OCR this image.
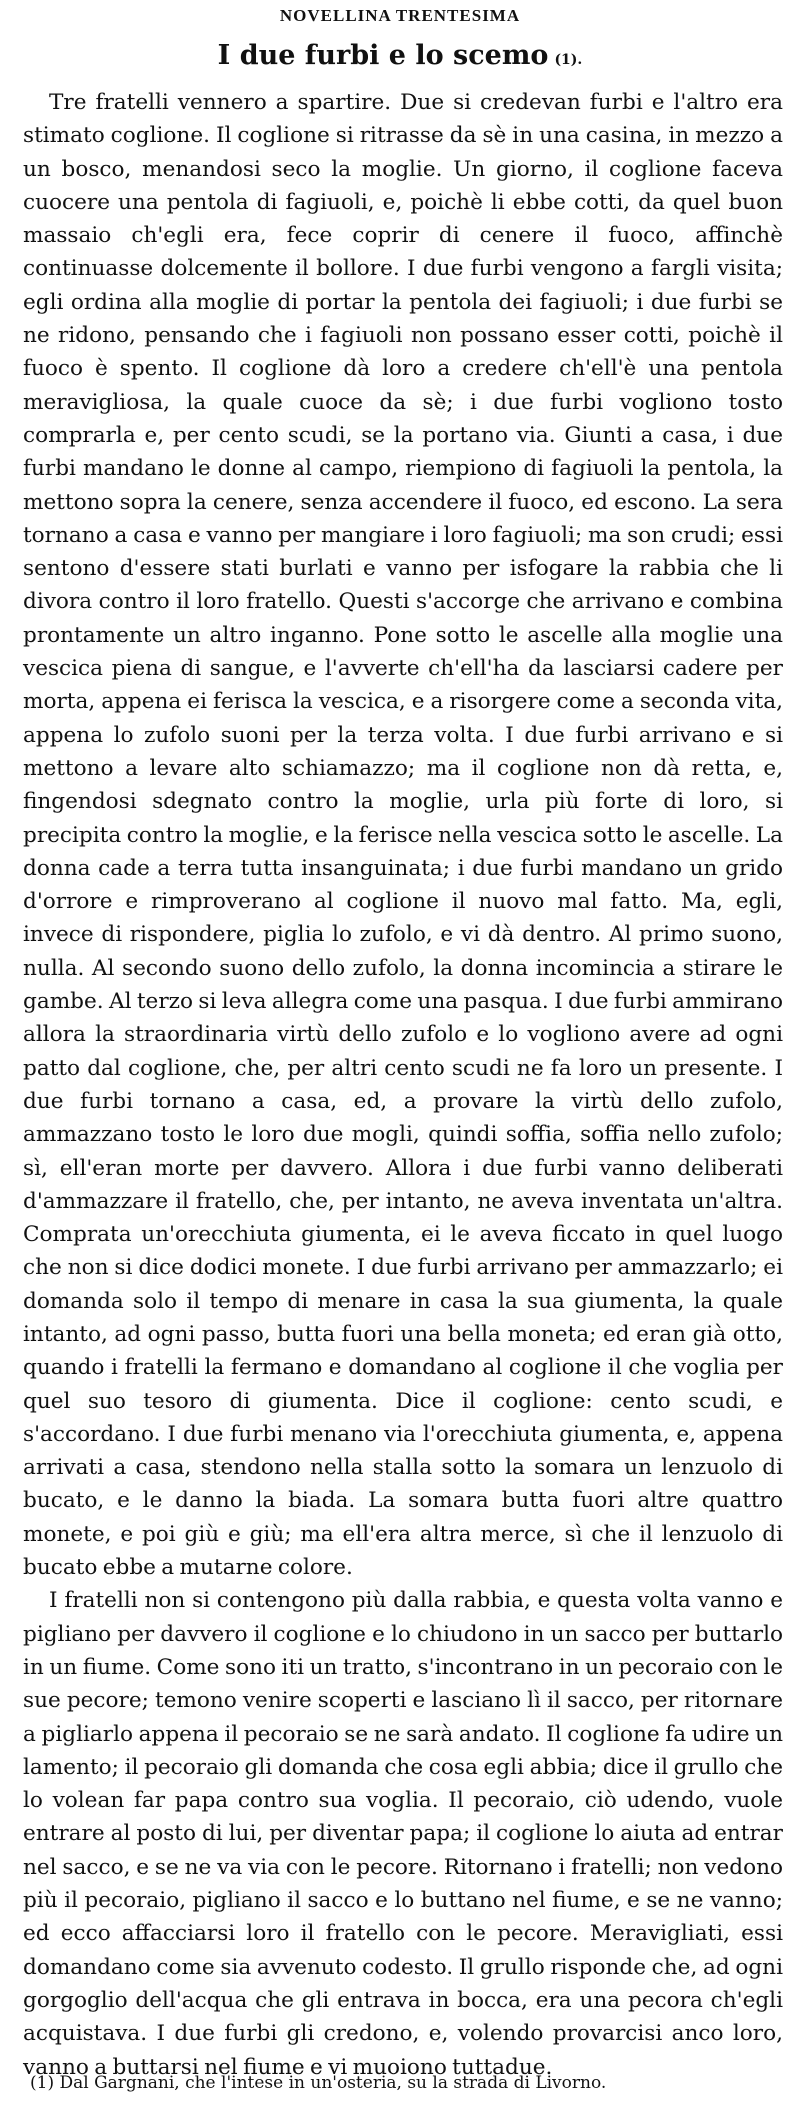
NOVELLINA TRENTESIMA
I due furbi e lo scemo (1).

Tre fratelli vennero a spartire. Due si credevan furbi e l'altro era stimato coglione. Il coglione si ritrasse da sè in una casina, in mezzo a un bosco, menandosi seco la moglie. Un giorno, il coglione faceva cuocere una pentola di fagiuoli, e, poichè li ebbe cotti, da quel buon massaio ch'egli era, fece coprir di cenere il fuoco, affinchè continuasse dolcemente il bollore. I due furbi vengono a fargli visita; egli ordina alla moglie di portar la pentola dei fagiuoli; i due furbi se ne ridono, pensando che i fagiuoli non possano esser cotti, poichè il fuoco è spento. Il coglione dà loro a credere ch'ell'è una pentola meravigliosa, la quale cuoce da sè; i due furbi vogliono tosto comprarla e, per cento scudi, se la portano via. Giunti a casa, i due furbi mandano le donne al campo, riempiono di fagiuoli la pentola, la mettono sopra la cenere, senza accendere il fuoco, ed escono. La sera tornano a casa e vanno per mangiare i loro fagiuoli; ma son crudi; essi sentono d'essere stati burlati e vanno per isfogare la rabbia che li divora contro il loro fratello. Questi s'accorge che arrivano e combina prontamente un altro inganno. Pone sotto le ascelle alla moglie una vescica piena di sangue, e l'avverte ch'ell'ha da lasciarsi cadere per morta, appena ei ferisca la vescica, e a risorgere come a seconda vita, appena lo zufolo suoni per la terza volta. I due furbi arrivano e si mettono a levare alto schiamazzo; ma il coglione non dà retta, e, fingendosi sdegnato contro la moglie, urla più forte di loro, si precipita contro la moglie, e la ferisce nella vescica sotto le ascelle. La donna cade a terra tutta insanguinata; i due furbi mandano un grido d'orrore e rimproverano al coglione il nuovo mal fatto. Ma, egli, invece di rispondere, piglia lo zufolo, e vi dà dentro. Al primo suono, nulla. Al secondo suono dello zufolo, la donna incomincia a stirare le gambe. Al terzo si leva allegra come una pasqua. I due furbi ammirano allora la straordinaria virtù dello zufolo e lo vogliono avere ad ogni patto dal coglione, che, per altri cento scudi ne fa loro un presente. I due furbi tornano a casa, ed, a provare la virtù dello zufolo, ammazzano tosto le loro due mogli, quindi soffia, soffia nello zufolo; sì, ell'eran morte per davvero. Allora i due furbi vanno deliberati d'ammazzare il fratello, che, per intanto, ne aveva inventata un'altra. Comprata un'orecchiuta giumenta, ei le aveva ficcato in quel luogo che non si dice dodici monete. I due furbi arrivano per ammazzarlo; ei domanda solo il tempo di menare in casa la sua giumenta, la quale intanto, ad ogni passo, butta fuori una bella moneta; ed eran già otto, quando i fratelli la fermano e domandano al coglione il che voglia per quel suo tesoro di giumenta. Dice il coglione: cento scudi, e s'accordano. I due furbi menano via l'orecchiuta giumenta, e, appena arrivati a casa, stendono nella stalla sotto la somara un lenzuolo di bucato, e le danno la biada. La somara butta fuori altre quattro monete, e poi giù e giù; ma ell'era altra merce, sì che il lenzuolo di bucato ebbe a mutarne colore.

I fratelli non si contengono più dalla rabbia, e questa volta vanno e pigliano per davvero il coglione e lo chiudono in un sacco per buttarlo in un fiume. Come sono iti un tratto, s'incontrano in un pecoraio con le sue pecore; temono venire scoperti e lasciano lì il sacco, per ritornare a pigliarlo appena il pecoraio se ne sarà andato. Il coglione fa udire un lamento; il pecoraio gli domanda che cosa egli abbia; dice il grullo che lo volean far papa contro sua voglia. Il pecoraio, ciò udendo, vuole entrare al posto di lui, per diventar papa; il coglione lo aiuta ad entrar nel sacco, e se ne va via con le pecore. Ritornano i fratelli; non vedono più il pecoraio, pigliano il sacco e lo buttano nel fiume, e se ne vanno; ed ecco affacciarsi loro il fratello con le pecore. Meravigliati, essi domandano come sia avvenuto codesto. Il grullo risponde che, ad ogni gorgoglio dell'acqua che gli entrava in bocca, era una pecora ch'egli acquistava. I due furbi gli credono, e, volendo provarcisi anco loro, vanno a buttarsi nel fiume e vi muoiono tuttadue.

(1) Dal Gargnani, che l'intese in un'osteria, su la strada di Livorno.
